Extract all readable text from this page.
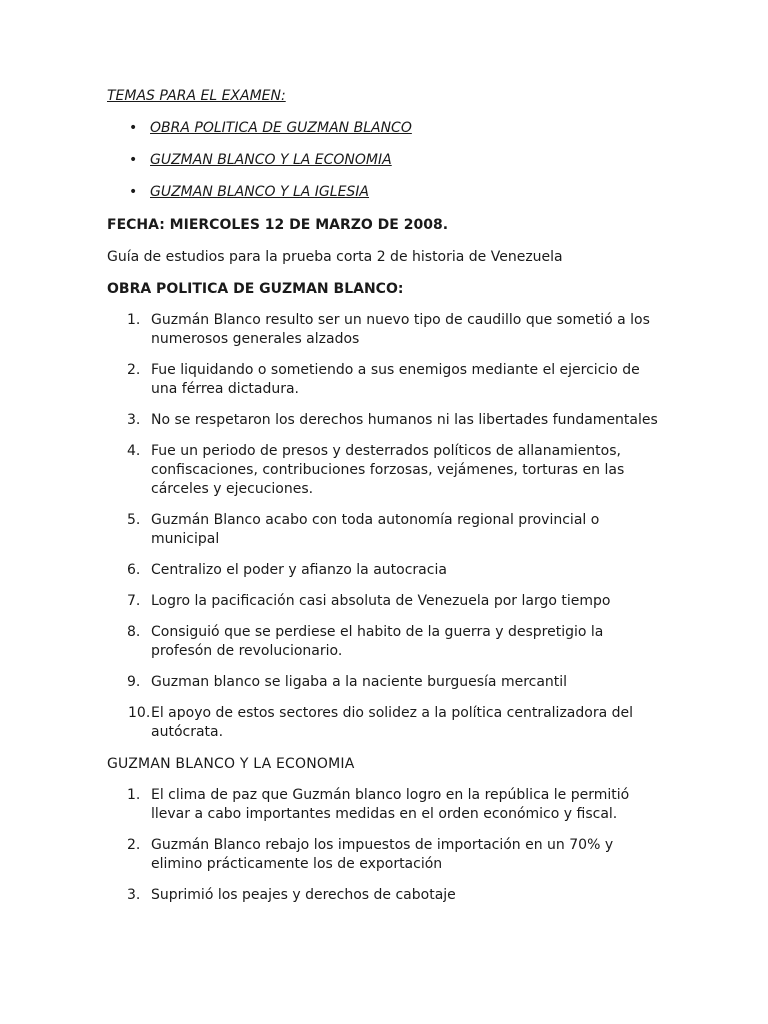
TEMAS PARA EL EXAMEN:
• OBRA POLITICA DE GUZMAN BLANCO
• GUZMAN BLANCO Y LA ECONOMIA
• GUZMAN BLANCO Y LA IGLESIA
FECHA: MIERCOLES 12 DE MARZO DE 2008.
Guía de estudios para la prueba corta 2 de historia de Venezuela
OBRA POLITICA DE GUZMAN BLANCO:
1. Guzmán Blanco resulto ser un nuevo tipo de caudillo que sometió a los
numerosos generales alzados
2. Fue liquidando o sometiendo a sus enemigos mediante el ejercicio de
una férrea dictadura.
3. No se respetaron los derechos humanos ni las libertades fundamentales
4. Fue un periodo de presos y desterrados políticos de allanamientos,
confiscaciones, contribuciones forzosas, vejámenes, torturas en las
cárceles y ejecuciones.
5. Guzmán Blanco acabo con toda autonomía regional provincial o
municipal
6. Centralizo el poder y afianzo la autocracia
7. Logro la pacificación casi absoluta de Venezuela por largo tiempo
8. Consiguió que se perdiese el habito de la guerra y despretigio la
profesón de revolucionario.
9. Guzman blanco se ligaba a la naciente burguesía mercantil
10. El apoyo de estos sectores dio solidez a la política centralizadora del
autócrata.
GUZMAN BLANCO Y LA ECONOMIA
1. El clima de paz que Guzmán blanco logro en la república le permitió
llevar a cabo importantes medidas en el orden económico y fiscal.
2. Guzmán Blanco rebajo los impuestos de importación en un 70% y
elimino prácticamente los de exportación
3. Suprimió los peajes y derechos de cabotaje
